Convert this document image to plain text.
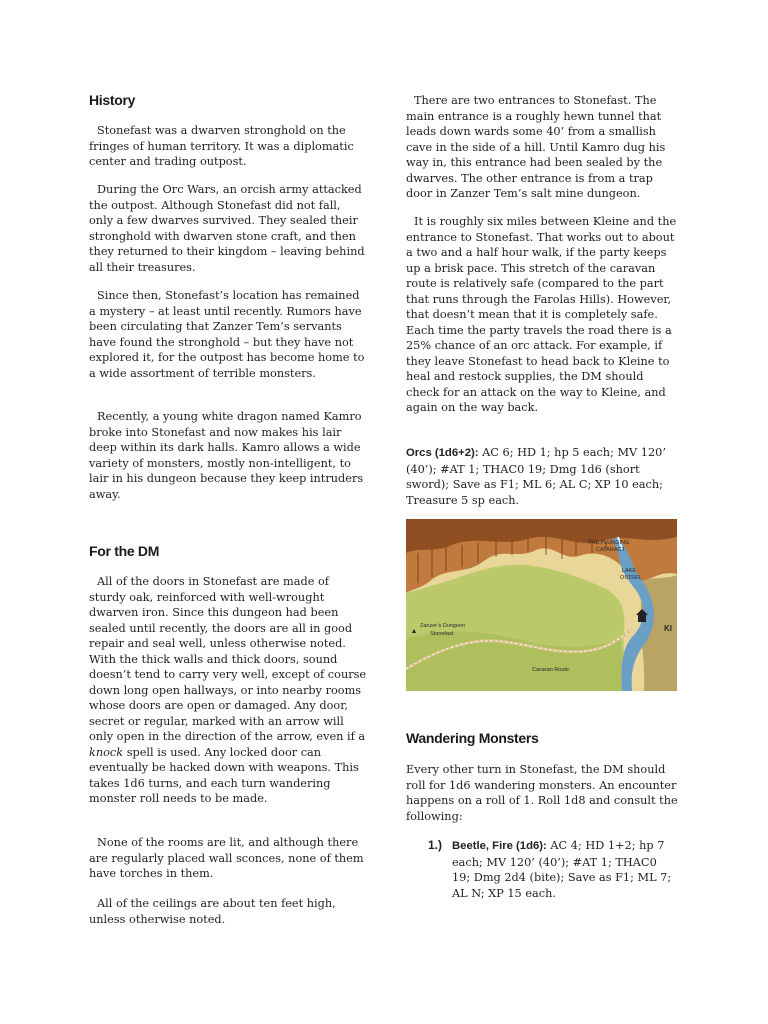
History

Stonefast was a dwarven stronghold on the fringes of human territory. It was a diplomatic center and trading outpost.

During the Orc Wars, an orcish army attacked the outpost. Although Stonefast did not fall, only a few dwarves survived. They sealed their stronghold with dwarven stone craft, and then they returned to their kingdom – leaving behind all their treasures.

Since then, Stonefast’s location has remained a mystery – at least until recently. Rumors have been circulating that Zanzer Tem’s servants have found the stronghold – but they have not explored it, for the outpost has become home to a wide assortment of terrible monsters.

Recently, a young white dragon named Kamro broke into Stonefast and now makes his lair deep within its dark halls. Kamro allows a wide variety of monsters, mostly non-intelligent, to lair in his dungeon because they keep intruders away.

For the DM

All of the doors in Stonefast are made of sturdy oak, reinforced with well-wrought dwarven iron. Since this dungeon had been sealed until recently, the doors are all in good repair and seal well, unless otherwise noted. With the thick walls and thick doors, sound doesn’t tend to carry very well, except of course down long open hallways, or into nearby rooms whose doors are open or damaged. Any door, secret or regular, marked with an arrow will only open in the direction of the arrow, even if a knock spell is used. Any locked door can eventually be hacked down with weapons. This takes 1d6 turns, and each turn wandering monster roll needs to be made.

None of the rooms are lit, and although there are regularly placed wall sconces, none of them have torches in them.

All of the ceilings are about ten feet high, unless otherwise noted.

There are two entrances to Stonefast. The main entrance is a roughly hewn tunnel that leads down wards some 40’ from a smallish cave in the side of a hill. Until Kamro dug his way in, this entrance had been sealed by the dwarves. The other entrance is from a trap door in Zanzer Tem’s salt mine dungeon.

It is roughly six miles between Kleine and the entrance to Stonefast. That works out to about a two and a half hour walk, if the party keeps up a brisk pace. This stretch of the caravan route is relatively safe (compared to the part that runs through the Farolas Hills). However, that doesn’t mean that it is completely safe. Each time the party travels the road there is a 25% chance of an orc attack. For example, if they leave Stonefast to head back to Kleine to heal and restock supplies, the DM should check for an attack on the way to Kleine, and again on the way back.

Orcs (1d6+2): AC 6; HD 1; hp 5 each; MV 120’ (40’); #AT 1; THAC0 19; Dmg 1d6 (short sword); Save as F1; ML 6; AL C; XP 10 each; Treasure 5 sp each.

THE PLUNGING
CATARACT
LAKE
OSTREL
Zanzer’s Dungeon
Stonefast
Caravan Route
Kl
Wandering Monsters

Every other turn in Stonefast, the DM should roll for 1d6 wandering monsters. An encounter happens on a roll of 1. Roll 1d8 and consult the following:

1.) Beetle, Fire (1d6): AC 4; HD 1+2; hp 7 each; MV 120’ (40’); #AT 1; THAC0 19; Dmg 2d4 (bite); Save as F1; ML 7; AL N; XP 15 each.
